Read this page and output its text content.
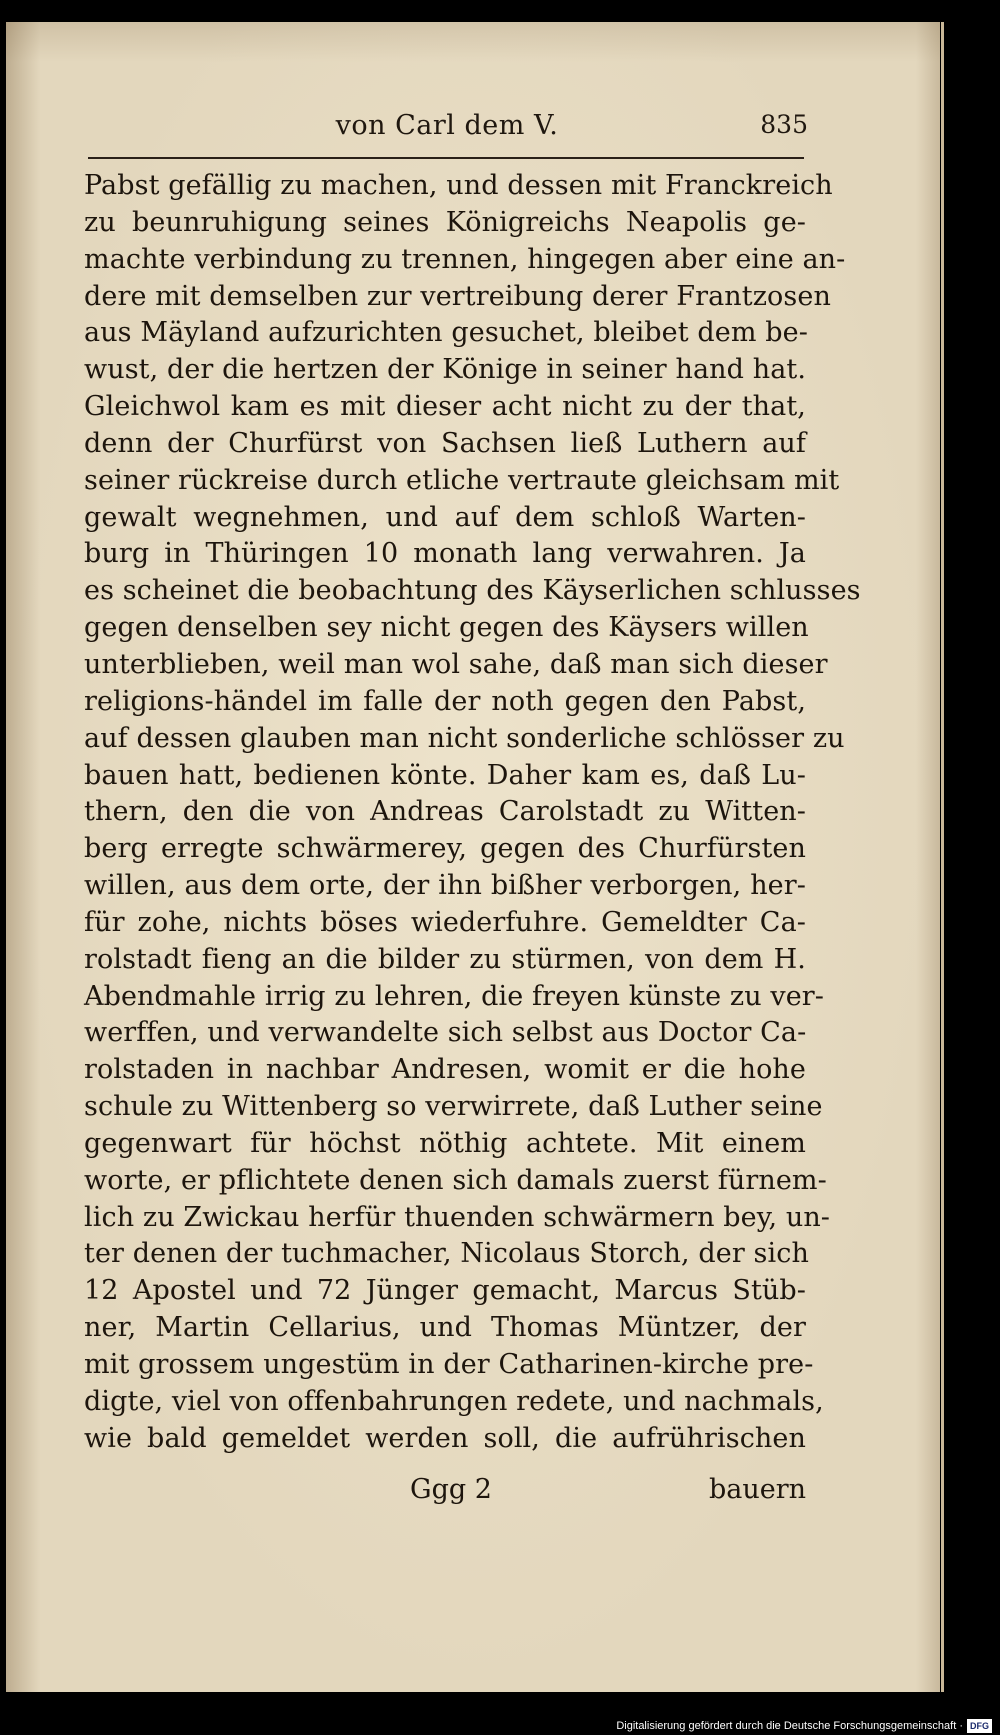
von Carl dem V.	835
Pabst gefällig zu machen, und dessen mit Franckreich
zu beunruhigung seines Königreichs Neapolis ge-
machte verbindung zu trennen, hingegen aber eine an-
dere mit demselben zur vertreibung derer Frantzosen
aus Mäyland aufzurichten gesuchet, bleibet dem be-
wust, der die hertzen der Könige in seiner hand hat.
Gleichwol kam es mit dieser acht nicht zu der that,
denn der Churfürst von Sachsen ließ Luthern auf
seiner rückreise durch etliche vertraute gleichsam mit
gewalt wegnehmen, und auf dem schloß Warten-
burg in Thüringen 10 monath lang verwahren. Ja
es scheinet die beobachtung des Käyserlichen schlusses
gegen denselben sey nicht gegen des Käysers willen
unterblieben, weil man wol sahe, daß man sich dieser
religions-händel im falle der noth gegen den Pabst,
auf dessen glauben man nicht sonderliche schlösser zu
bauen hatt, bedienen könte. Daher kam es, daß Lu-
thern, den die von Andreas Carolstadt zu Witten-
berg erregte schwärmerey, gegen des Churfürsten
willen, aus dem orte, der ihn bißher verborgen, her-
für zohe, nichts böses wiederfuhre. Gemeldter Ca-
rolstadt fieng an die bilder zu stürmen, von dem H.
Abendmahle irrig zu lehren, die freyen künste zu ver-
werffen, und verwandelte sich selbst aus Doctor Ca-
rolstaden in nachbar Andresen, womit er die hohe
schule zu Wittenberg so verwirrete, daß Luther seine
gegenwart für höchst nöthig achtete. Mit einem
worte, er pflichtete denen sich damals zuerst fürnem-
lich zu Zwickau herfür thuenden schwärmern bey, un-
ter denen der tuchmacher, Nicolaus Storch, der sich
12 Apostel und 72 Jünger gemacht, Marcus Stüb-
ner, Martin Cellarius, und Thomas Müntzer, der
mit grossem ungestüm in der Catharinen-kirche pre-
digte, viel von offenbahrungen redete, und nachmals,
wie bald gemeldet werden soll, die aufrührischen
Ggg 2	bauern
Digitalisierung gefördert durch die Deutsche Forschungsgemeinschaft · DFG
